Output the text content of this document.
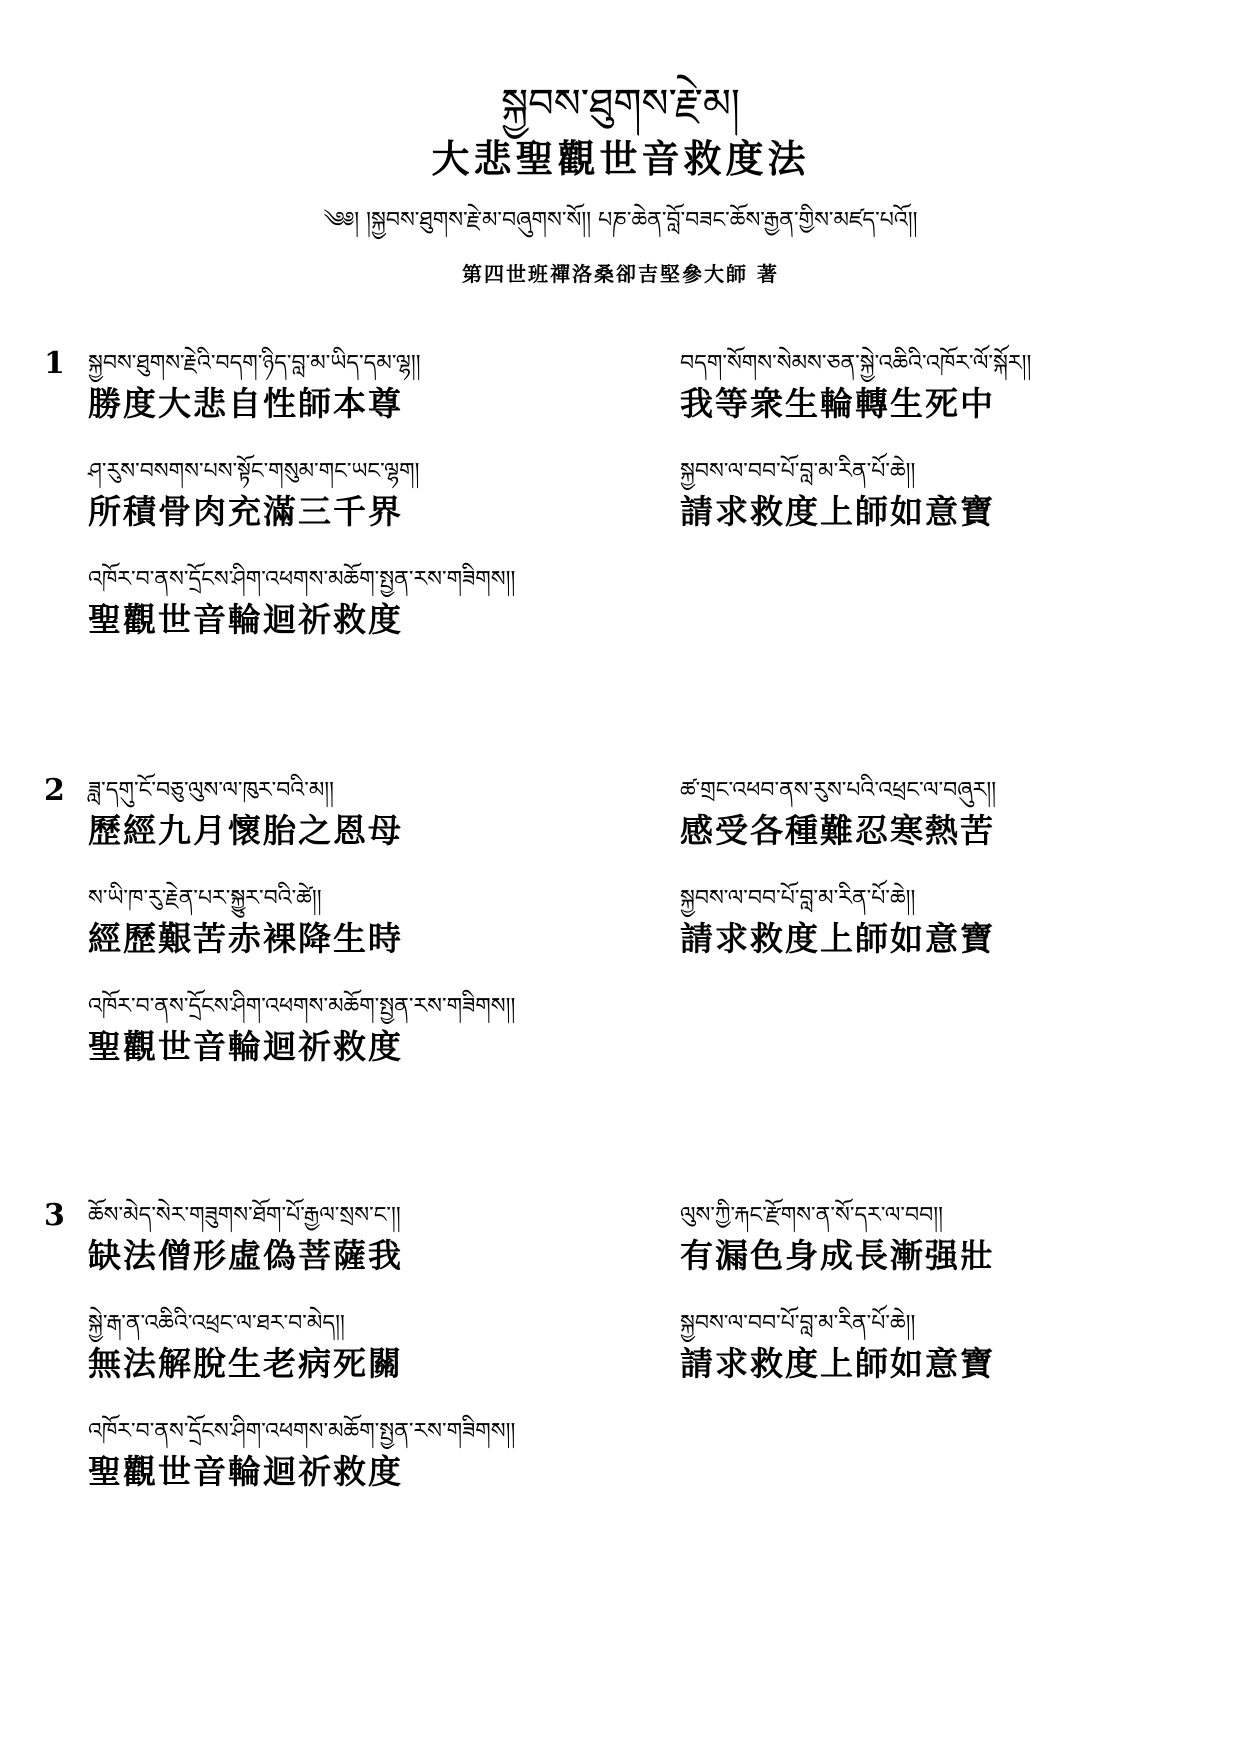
སྐྱབས་ཐུགས་རྗེ་མ།
大悲聖觀世音救度法
༄༅། །སྐྱབས་ཐུགས་རྗེ་མ་བཞུགས་སོ།། པཎ་ཆེན་བློ་བཟང་ཆོས་རྒྱན་གྱིས་མཛད་པའོ།།
第四世班禪洛桑卻吉堅參大師 著
1 སྐྱབས་ཐུགས་རྗེའི་བདག་ཉིད་བླ་མ་ཡིད་དམ་ལྷ།།
勝度大悲自性師本尊
ཤ་རུས་བསགས་པས་སྟོང་གསུམ་གང་ཡང་ལྷག།
所積骨肉充滿三千界
འཁོར་བ་ནས་དྲོངས་ཤིག་འཕགས་མཆོག་སྤྱན་རས་གཟིགས།།
聖觀世音輪迴祈救度
བདག་སོགས་སེམས་ཅན་སྐྱེ་འཆིའི་འཁོར་ལོ་སྐོར།།
我等衆生輪轉生死中
སྐྱབས་ལ་བབ་པོ་བླ་མ་རིན་པོ་ཆེ།།
請求救度上師如意寶
2 ཟླ་དགུ་ངོ་བཅུ་ལུས་ལ་ཁུར་བའི་མ།།
歷經九月懷胎之恩母
ས་ཡི་ཁ་རུ་རྗེན་པར་སྐྱུར་བའི་ཚེ།།
經歷艱苦赤裸降生時
འཁོར་བ་ནས་དྲོངས་ཤིག་འཕགས་མཆོག་སྤྱན་རས་གཟིགས།།
聖觀世音輪迴祈救度
ཚ་གྲང་འཕབ་ནས་རུས་པའི་འཕྲང་ལ་བཞུར།།
感受各種難忍寒熱苦
སྐྱབས་ལ་བབ་པོ་བླ་མ་རིན་པོ་ཆེ།།
請求救度上師如意寶
3 ཆོས་མེད་སེར་གཟུགས་ཐོག་པོ་རྒྱལ་སྲས་ང་།།
缺法僧形虛偽菩薩我
སྐྱེ་རྒ་ན་འཆིའི་འཕྲང་ལ་ཐར་བ་མེད།།
無法解脫生老病死關
འཁོར་བ་ནས་དྲོངས་ཤིག་འཕགས་མཆོག་སྤྱན་རས་གཟིགས།།
聖觀世音輪迴祈救度
ལུས་ཀྱི་རྐང་རྫོགས་ན་སོ་དར་ལ་བབ།།
有漏色身成長漸强壯
སྐྱབས་ལ་བབ་པོ་བླ་མ་རིན་པོ་ཆེ།།
請求救度上師如意寶
